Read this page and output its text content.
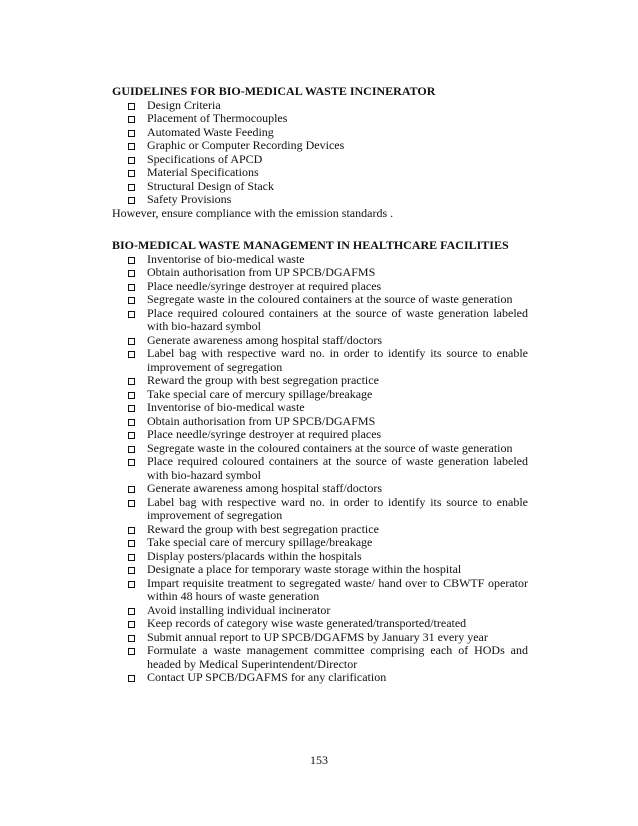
GUIDELINES FOR BIO-MEDICAL WASTE INCINERATOR
Design Criteria
Placement of Thermocouples
Automated Waste Feeding
Graphic or Computer Recording Devices
Specifications of APCD
Material Specifications
Structural Design of Stack
Safety Provisions

However, ensure compliance with the emission standards .

BIO-MEDICAL WASTE MANAGEMENT IN HEALTHCARE FACILITIES
Inventorise of bio-medical waste
Obtain authorisation from UP SPCB/DGAFMS
Place needle/syringe destroyer at required places
Segregate waste in the coloured containers at the source of waste generation
Place required coloured containers at the source of waste generation labeled with bio-hazard symbol
Generate awareness among hospital staff/doctors
Label bag with respective ward no. in order to identify its source to enable improvement of segregation
Reward the group with best segregation practice
Take special care of mercury spillage/breakage
Inventorise of bio-medical waste
Obtain authorisation from UP SPCB/DGAFMS
Place needle/syringe destroyer at required places
Segregate waste in the coloured containers at the source of waste generation
Place required coloured containers at the source of waste generation labeled with bio-hazard symbol
Generate awareness among hospital staff/doctors
Label bag with respective ward no. in order to identify its source to enable improvement of segregation
Reward the group with best segregation practice
Take special care of mercury spillage/breakage
Display posters/placards within the hospitals
Designate a place for temporary waste storage within the hospital
Impart requisite treatment to segregated waste/ hand over to CBWTF operator within 48 hours of waste generation
Avoid installing individual incinerator
Keep records of category wise waste generated/transported/treated
Submit annual report to UP SPCB/DGAFMS by January 31 every year
Formulate a waste management committee comprising each of HODs and headed by Medical Superintendent/Director
Contact UP SPCB/DGAFMS for any clarification
153
